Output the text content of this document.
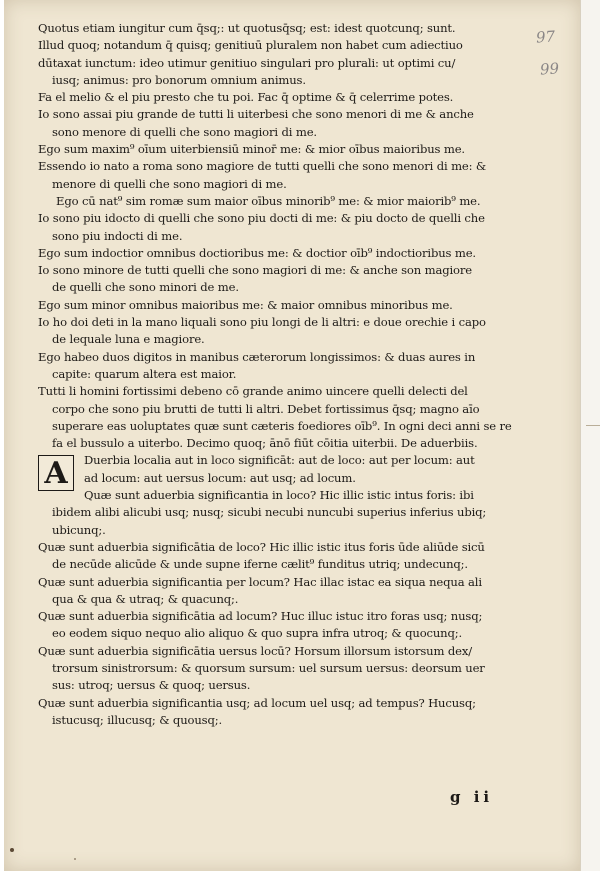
97
99
Quotus etiam iungitur cum q̄sq;: ut quotusq̄sq; est: idest quotcunq; sunt.
Illud quoq; notandum q̄ quisq; genitiuū pluralem non habet cum adiectiuo
dūtaxat iunctum: ideo utimur genitiuo singulari pro plurali: ut optimi cu/
iusq; animus: pro bonorum omnium animus.
Fa el melio & el piu presto che tu poi. Fac q̄ optime & q̄ celerrime potes.
Io sono assai piu grande de tutti li uiterbesi che sono menori di me & anche
sono menore di quelli che sono magiori di me.
Ego sum maxim⁹ oīum uiterbiensiū minor̄ me: & mior oībus maioribus me.
Essendo io nato a roma sono magiore de tutti quelli che sono menori di me: &
menore di quelli che sono magiori di me.
Ego cū nat⁹ sim romæ sum maior oībus minorib⁹ me: & mior maiorib⁹ me.
Io sono piu idocto di quelli che sono piu docti di me: & piu docto de quelli che
sono piu indocti di me.
Ego sum indoctior omnibus doctioribus me: & doctior oīb⁹ indoctioribus me.
Io sono minore de tutti quelli che sono magiori di me: & anche son magiore
de quelli che sono minori de me.
Ego sum minor omnibus maioribus me: & maior omnibus minoribus me.
Io ho doi deti in la mano liquali sono piu longi de li altri: e doue orechie i capo
de lequale luna e magiore.
Ego habeo duos digitos in manibus cæterorum longissimos: & duas aures in
capite: quarum altera est maior.
Tutti li homini fortissimi debeno cō grande animo uincere quelli delecti del
corpo che sono piu brutti de tutti li altri. Debet fortissimus q̄sq; magno aīo
superare eas uoluptates quæ sunt cæteris foediores oīb⁹. In ogni deci anni se re
fa el bussulo a uiterbo. Decimo quoq; ānō fiūt cōitia uiterbii. De aduerbiis.
A	Duerbia localia aut in loco significāt: aut de loco: aut per locum: aut
ad locum: aut uersus locum: aut usq; ad locum.
Quæ sunt aduerbia significantia in loco? Hic illic istic intus foris: ibi
ibidem alibi alicubi usq; nusq; sicubi necubi nuncubi superius inferius ubiq;
ubicunq;.
Quæ sunt aduerbia significātia de loco? Hic illic istic itus foris ūde aliūde sicū
de necūde alicūde & unde supne iferne cælit⁹ funditus utriq; undecunq;.
Quæ sunt aduerbia significantia per locum? Hac illac istac ea siqua nequa ali
qua & qua & utraq; & quacunq;.
Quæ sunt aduerbia significātia ad locum? Huc illuc istuc itro foras usq; nusq;
eo eodem siquo nequo alio aliquo & quo supra infra utroq; & quocunq;.
Quæ sunt aduerbia significātia uersus locū? Horsum illorsum istorsum dex/
trorsum sinistrorsum: & quorsum sursum: uel sursum uersus: deorsum uer
sus: utroq; uersus & quoq; uersus.
Quæ sunt aduerbia significantia usq; ad locum uel usq; ad tempus? Hucusq;
istucusq; illucusq; & quousq;.
g ii
